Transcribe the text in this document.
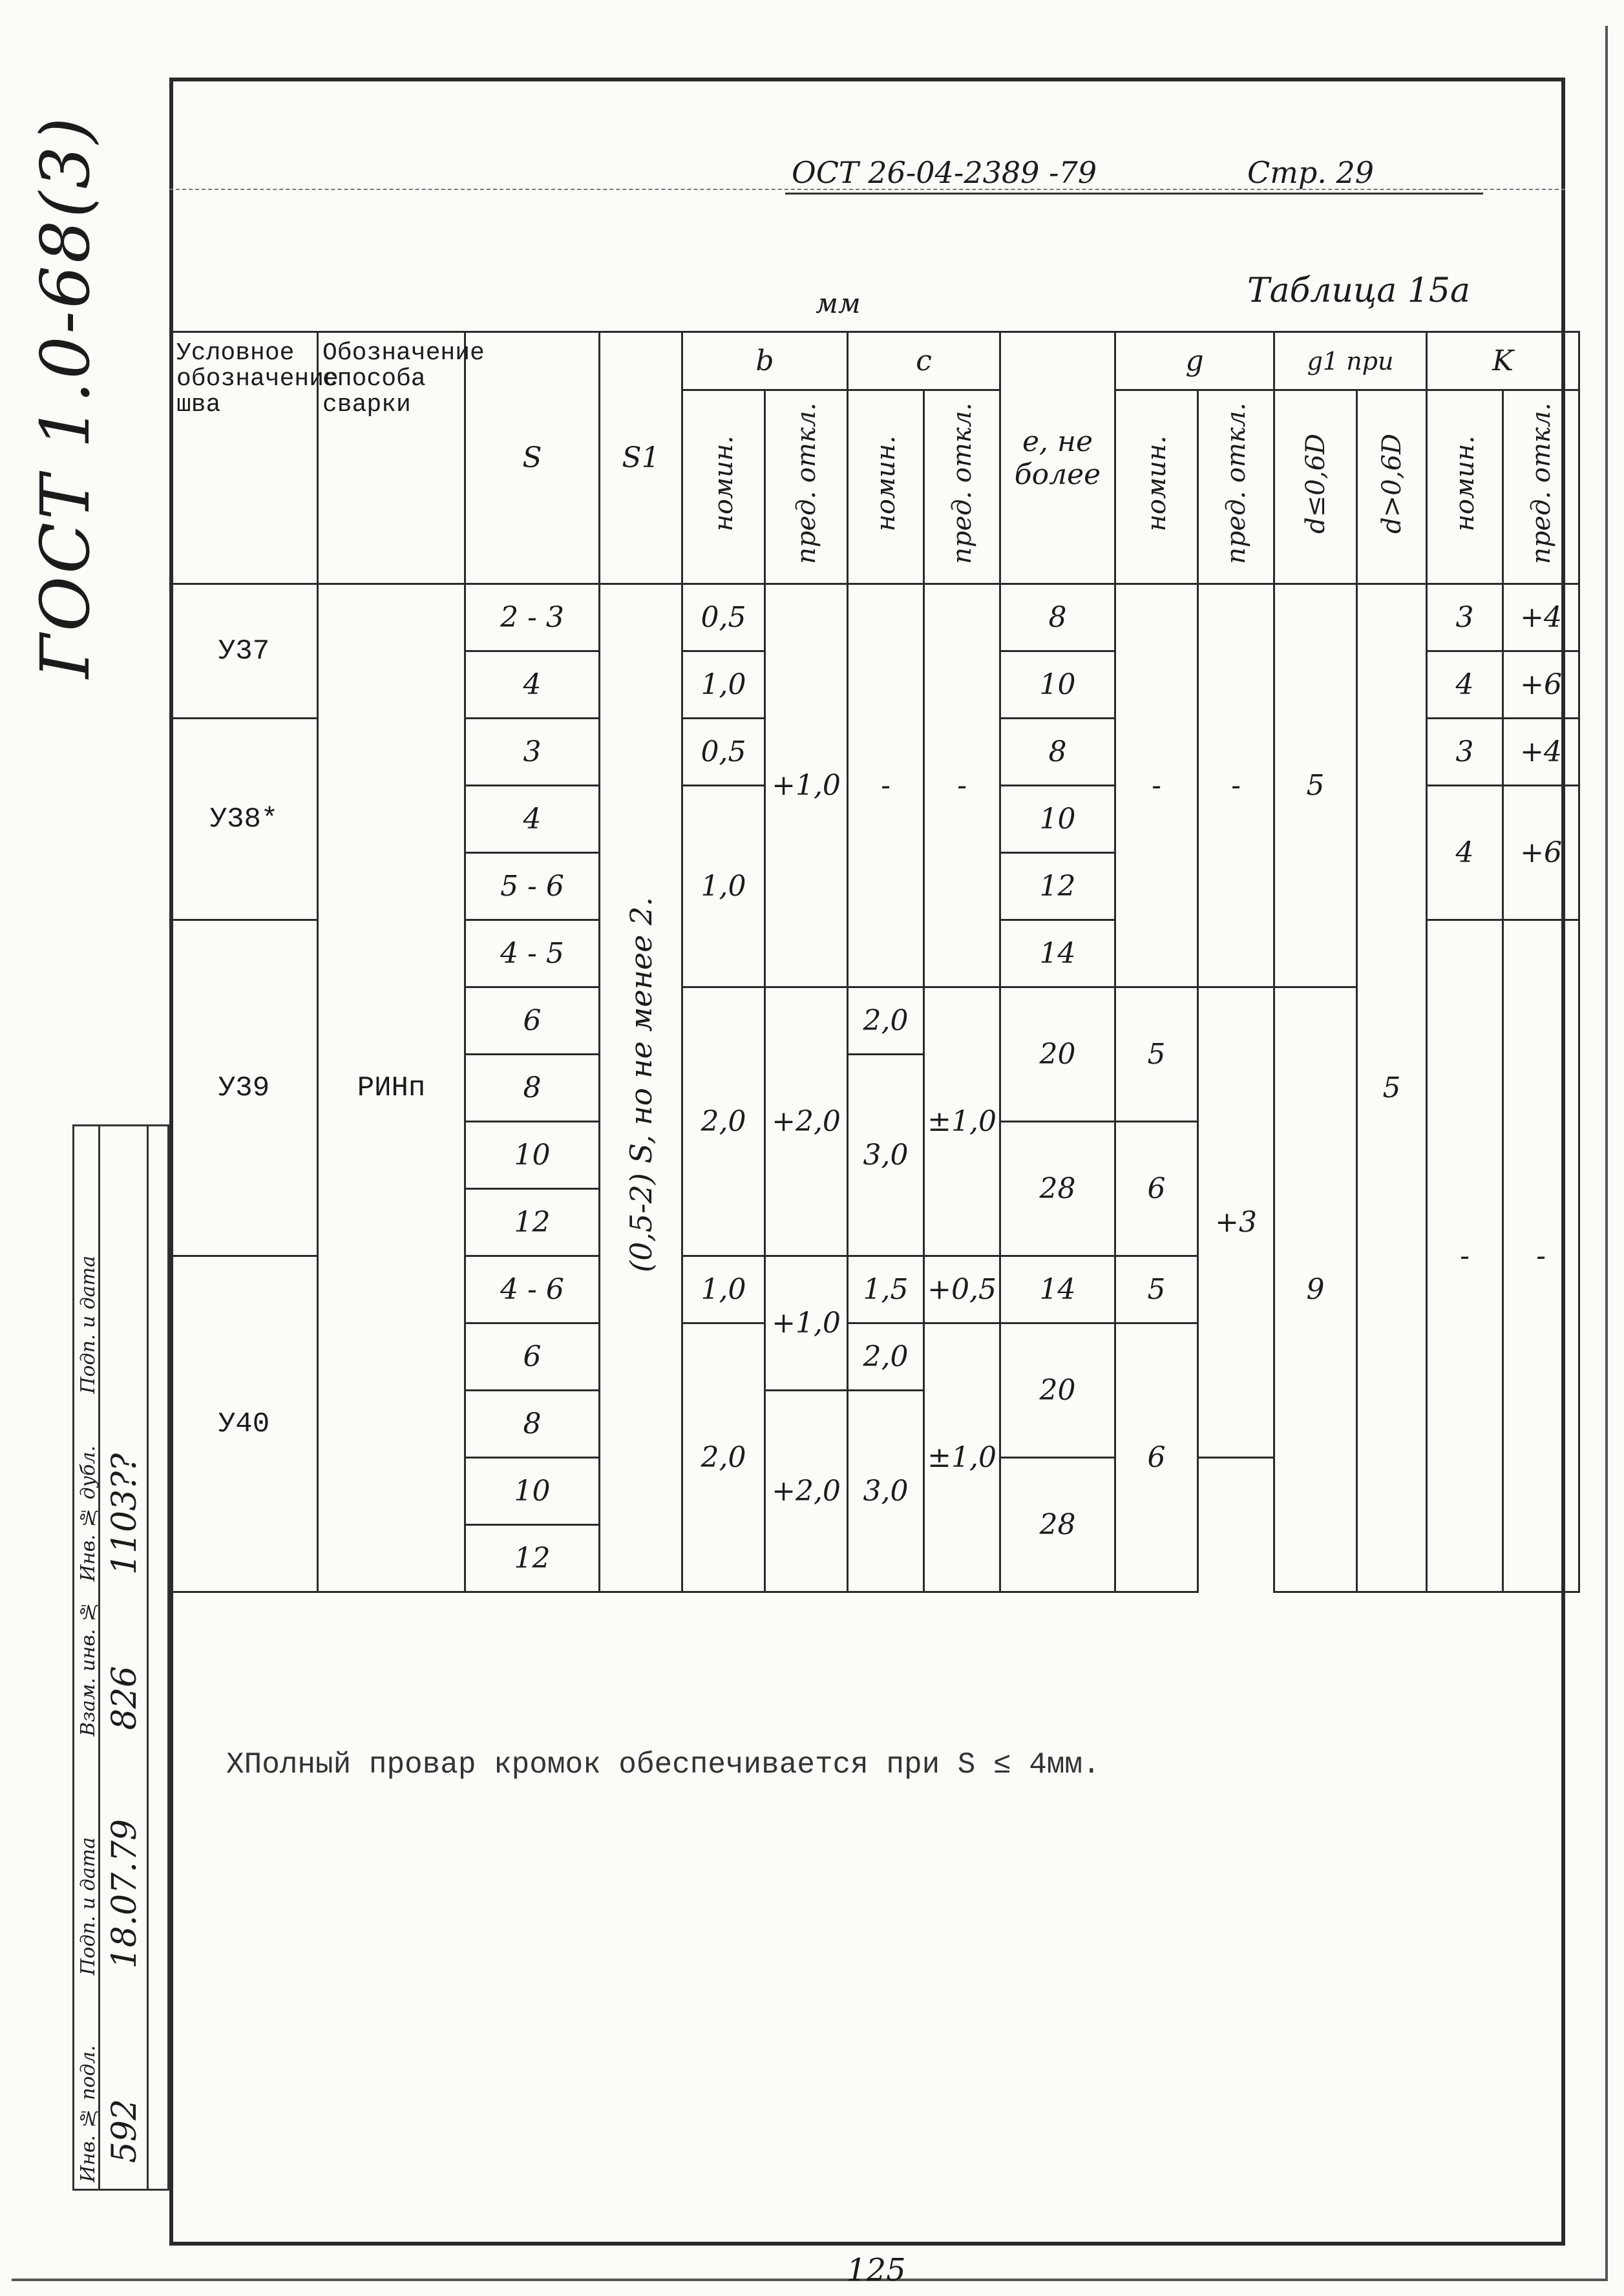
ГОСТ 1.0-68(3)	ОСТ 26-04-2389 -79	Стр. 29
Таблица 15а
мм
Условное обозначение шва	Обозначение способа сварки	S	S1	b		c		e, не более	g		g1 при		K	
				номин.	пред. откл.	номин.	пред. откл.		номин.	пред. откл.	d≤0,6D	d>0,6D	номин.	пред. откл.
У37	РИНп	2 - 3	(0,5-2) S, но не менее 2.	0,5	+1,0	-	-	8	-	-	5	5	3	+4
		4		1,0				10					4	+6
У38*		3		0,5				8					3	+4
		4		1,0				10					4	+6
		5 - 6						12						
У39		4 - 5						14					-	-
		6		2,0	+2,0	2,0	±1,0	20	5	+3	9			
		8				3,0								
		10						28	6					
		12												
У40		4 - 6		1,0	+1,0	1,5	+0,5	14	5					
		6		2,0		2,0	±1,0	20	6					
		8			+2,0	3,0								
		10						28						
		12												
ХПолный провар кромок обеспечивается при S ≤ 4мм.
Инв. № подл.
Подп. и дата
Взам. инв. №
Инв. № дубл.
Подп. и дата
592
18.07.79
826
1103??
125
